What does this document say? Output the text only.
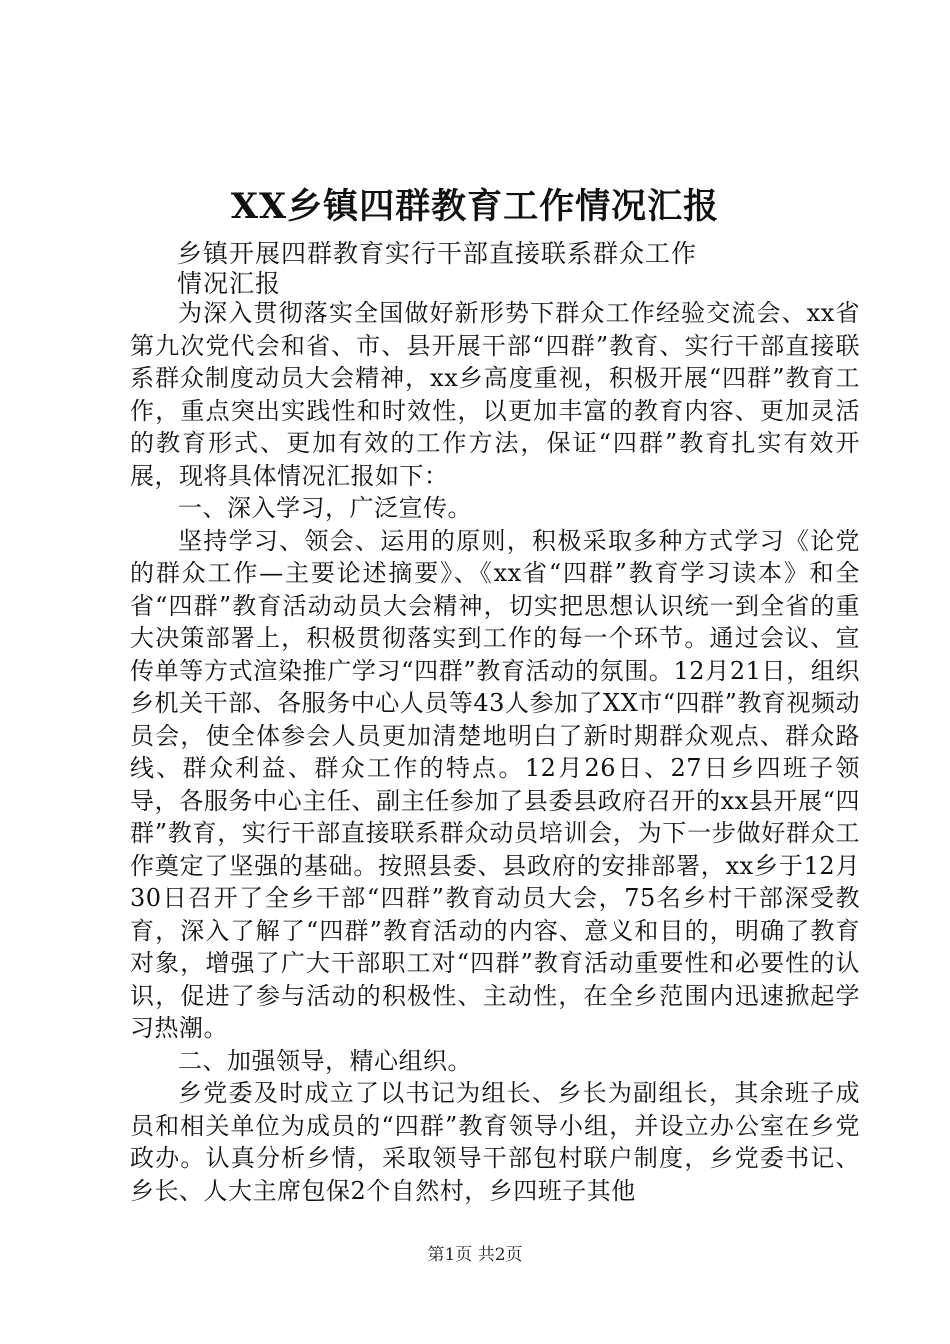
XX乡镇四群教育工作情况汇报
乡镇开展四群教育实行干部直接联系群众工作
情况汇报

为深入贯彻落实全国做好新形势下群众工作经验交流会、xx省第九次党代会和省、市、县开展干部“四群”教育、实行干部直接联系群众制度动员大会精神，xx乡高度重视，积极开展“四群”教育工作，重点突出实践性和时效性，以更加丰富的教育内容、更加灵活的教育形式、更加有效的工作方法，保证“四群”教育扎实有效开展，现将具体情况汇报如下：

一、深入学习，广泛宣传。

坚持学习、领会、运用的原则，积极采取多种方式学习《论党的群众工作—主要论述摘要》、《xx省“四群”教育学习读本》和全省“四群”教育活动动员大会精神，切实把思想认识统一到全省的重大决策部署上，积极贯彻落实到工作的每一个环节。通过会议、宣传单等方式渲染推广学习“四群”教育活动的氛围。12月21日，组织乡机关干部、各服务中心人员等43人参加了XX市“四群”教育视频动员会，使全体参会人员更加清楚地明白了新时期群众观点、群众路线、群众利益、群众工作的特点。12月26日、27日乡四班子领导，各服务中心主任、副主任参加了县委县政府召开的xx县开展“四群”教育，实行干部直接联系群众动员培训会，为下一步做好群众工作奠定了坚强的基础。按照县委、县政府的安排部署，xx乡于12月30日召开了全乡干部“四群”教育动员大会，75名乡村干部深受教育，深入了解了“四群”教育活动的内容、意义和目的，明确了教育对象，增强了广大干部职工对“四群”教育活动重要性和必要性的认识，促进了参与活动的积极性、主动性，在全乡范围内迅速掀起学习热潮。

二、加强领导，精心组织。

乡党委及时成立了以书记为组长、乡长为副组长，其余班子成员和相关单位为成员的“四群”教育领导小组，并设立办公室在乡党政办。认真分析乡情，采取领导干部包村联户制度，乡党委书记、乡长、人大主席包保2个自然村，乡四班子其他

第1页 共2页
